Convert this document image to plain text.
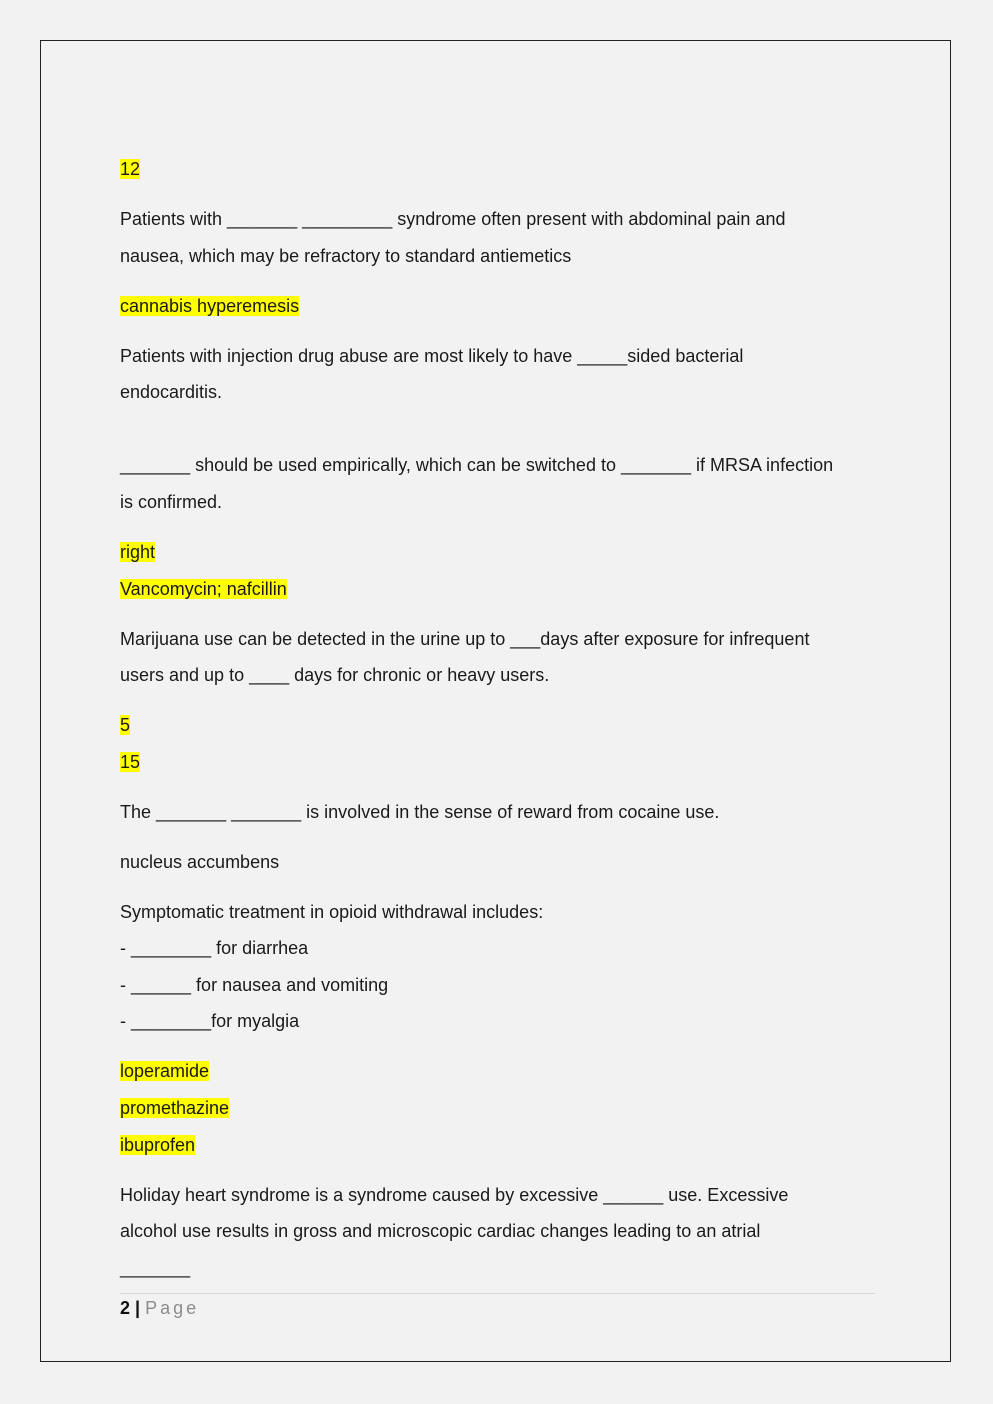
12
Patients with _______ _________ syndrome often present with abdominal pain and
nausea, which may be refractory to standard antiemetics
cannabis hyperemesis
Patients with injection drug abuse are most likely to have _____sided bacterial
endocarditis.
_______ should be used empirically, which can be switched to _______ if MRSA infection
is confirmed.
right
Vancomycin; nafcillin
Marijuana use can be detected in the urine up to ___days after exposure for infrequent
users and up to ____ days for chronic or heavy users.
5
15
The _______ _______ is involved in the sense of reward from cocaine use.
nucleus accumbens
Symptomatic treatment in opioid withdrawal includes:
- ________ for diarrhea
- ______ for nausea and vomiting
- ________for myalgia
loperamide
promethazine
ibuprofen
Holiday heart syndrome is a syndrome caused by excessive ______ use. Excessive
alcohol use results in gross and microscopic cardiac changes leading to an atrial
_______
2 | Page
